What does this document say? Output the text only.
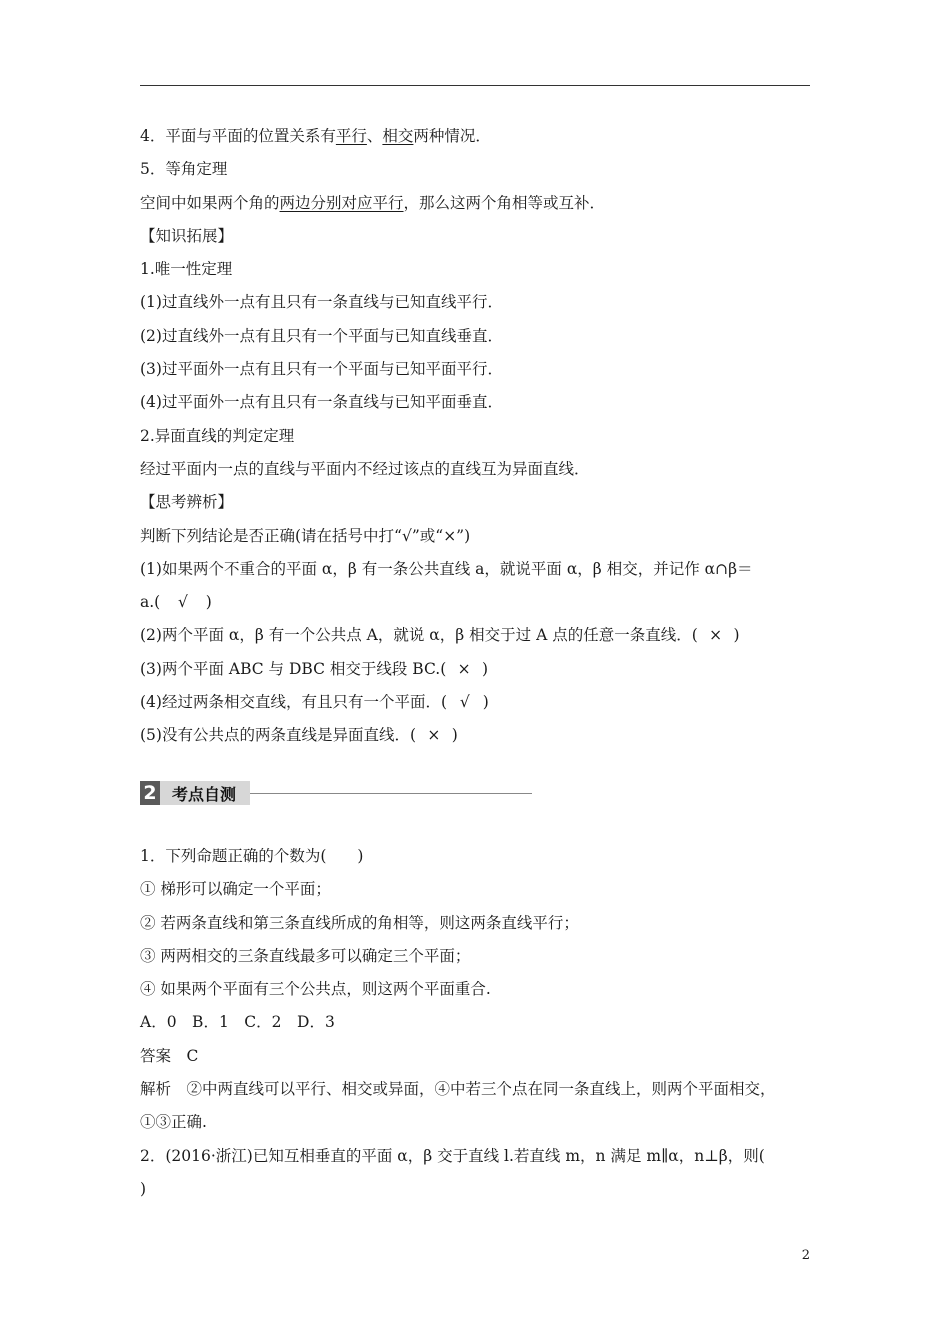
4．平面与平面的位置关系有平行、相交两种情况．
5．等角定理
空间中如果两个角的两边分别对应平行，那么这两个角相等或互补．
【知识拓展】
1.唯一性定理
(1)过直线外一点有且只有一条直线与已知直线平行．
(2)过直线外一点有且只有一个平面与已知直线垂直．
(3)过平面外一点有且只有一个平面与已知平面平行．
(4)过平面外一点有且只有一条直线与已知平面垂直．
2.异面直线的判定定理
经过平面内一点的直线与平面内不经过该点的直线互为异面直线．
【思考辨析】
判断下列结论是否正确(请在括号中打“√”或“×”)
(1)如果两个不重合的平面 α，β 有一条公共直线 a，就说平面 α，β 相交，并记作 α∩β＝
a.( √ )
(2)两个平面 α，β 有一个公共点 A，就说 α，β 相交于过 A 点的任意一条直线．( × )
(3)两个平面 ABC 与 DBC 相交于线段 BC.( × )
(4)经过两条相交直线，有且只有一个平面．( √ )
(5)没有公共点的两条直线是异面直线．( × )
2 考点自测
1．下列命题正确的个数为(　　)
① 梯形可以确定一个平面；
② 若两条直线和第三条直线所成的角相等，则这两条直线平行；
③ 两两相交的三条直线最多可以确定三个平面；
④ 如果两个平面有三个公共点，则这两个平面重合.
A．0　B．1　C．2　D．3
答案　C
解析　②中两直线可以平行、相交或异面，④中若三个点在同一条直线上，则两个平面相交，
①③正确.
2．(2016·浙江)已知互相垂直的平面 α，β 交于直线 l.若直线 m，n 满足 m∥α，n⊥β，则(
)
2
